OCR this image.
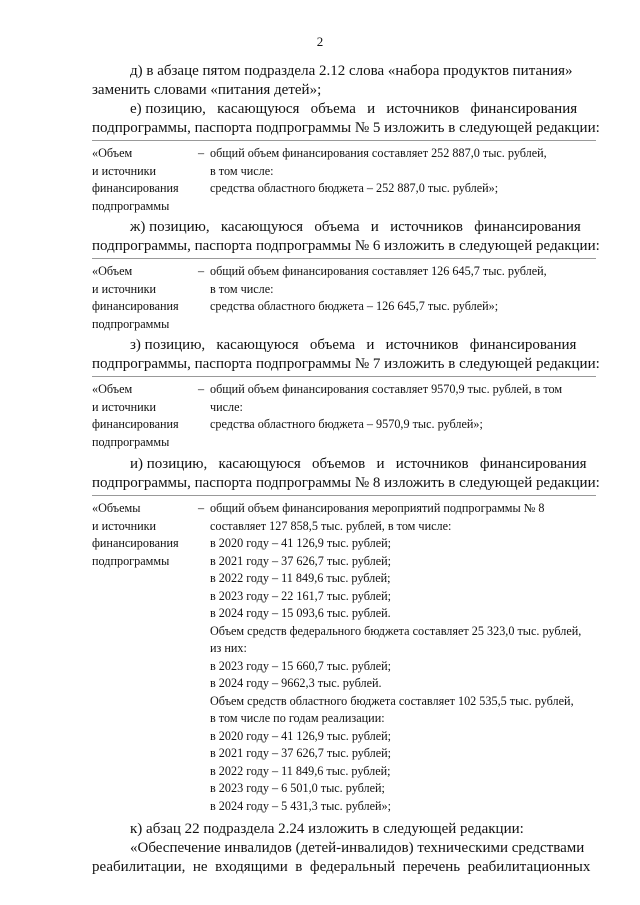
2
д) в абзаце пятом подраздела 2.12 слова «набора продуктов питания»
заменить словами «питания детей»;
е) позицию,   касающуюся   объема   и   источников   финансирования
подпрограммы, паспорта подпрограммы № 5 изложить в следующей редакции:
«Объем
и источники
финансирования
подпрограммы
– общий объем финансирования составляет 252 887,0 тыс. рублей,
в том числе:
средства областного бюджета – 252 887,0 тыс. рублей»;
ж) позицию,   касающуюся   объема   и   источников   финансирования
подпрограммы, паспорта подпрограммы № 6 изложить в следующей редакции:
«Объем
и источники
финансирования
подпрограммы
– общий объем финансирования составляет 126 645,7 тыс. рублей,
в том числе:
средства областного бюджета – 126 645,7 тыс. рублей»;
з) позицию,   касающуюся   объема   и   источников   финансирования
подпрограммы, паспорта подпрограммы № 7 изложить в следующей редакции:
«Объем
и источники
финансирования
подпрограммы
– общий объем финансирования составляет 9570,9 тыс. рублей, в том
числе:
средства областного бюджета – 9570,9 тыс. рублей»;
и) позицию,   касающуюся   объемов   и   источников   финансирования
подпрограммы, паспорта подпрограммы № 8 изложить в следующей редакции:
«Объемы
и источники
финансирования
подпрограммы
– общий объем финансирования мероприятий подпрограммы № 8
составляет 127 858,5 тыс. рублей, в том числе:
в 2020 году – 41 126,9 тыс. рублей;
в 2021 году – 37 626,7 тыс. рублей;
в 2022 году – 11 849,6 тыс. рублей;
в 2023 году – 22 161,7 тыс. рублей;
в 2024 году – 15 093,6 тыс. рублей.
Объем средств федерального бюджета составляет 25 323,0 тыс. рублей,
из них:
в 2023 году – 15 660,7 тыс. рублей;
в 2024 году – 9662,3 тыс. рублей.
Объем средств областного бюджета составляет 102 535,5 тыс. рублей,
в том числе по годам реализации:
в 2020 году – 41 126,9 тыс. рублей;
в 2021 году – 37 626,7 тыс. рублей;
в 2022 году – 11 849,6 тыс. рублей;
в 2023 году – 6 501,0 тыс. рублей;
в 2024 году – 5 431,3 тыс. рублей»;
к) абзац 22 подраздела 2.24 изложить в следующей редакции:
«Обеспечение инвалидов (детей-инвалидов) техническими средствами
реабилитации,  не  входящими  в  федеральный  перечень  реабилитационных
